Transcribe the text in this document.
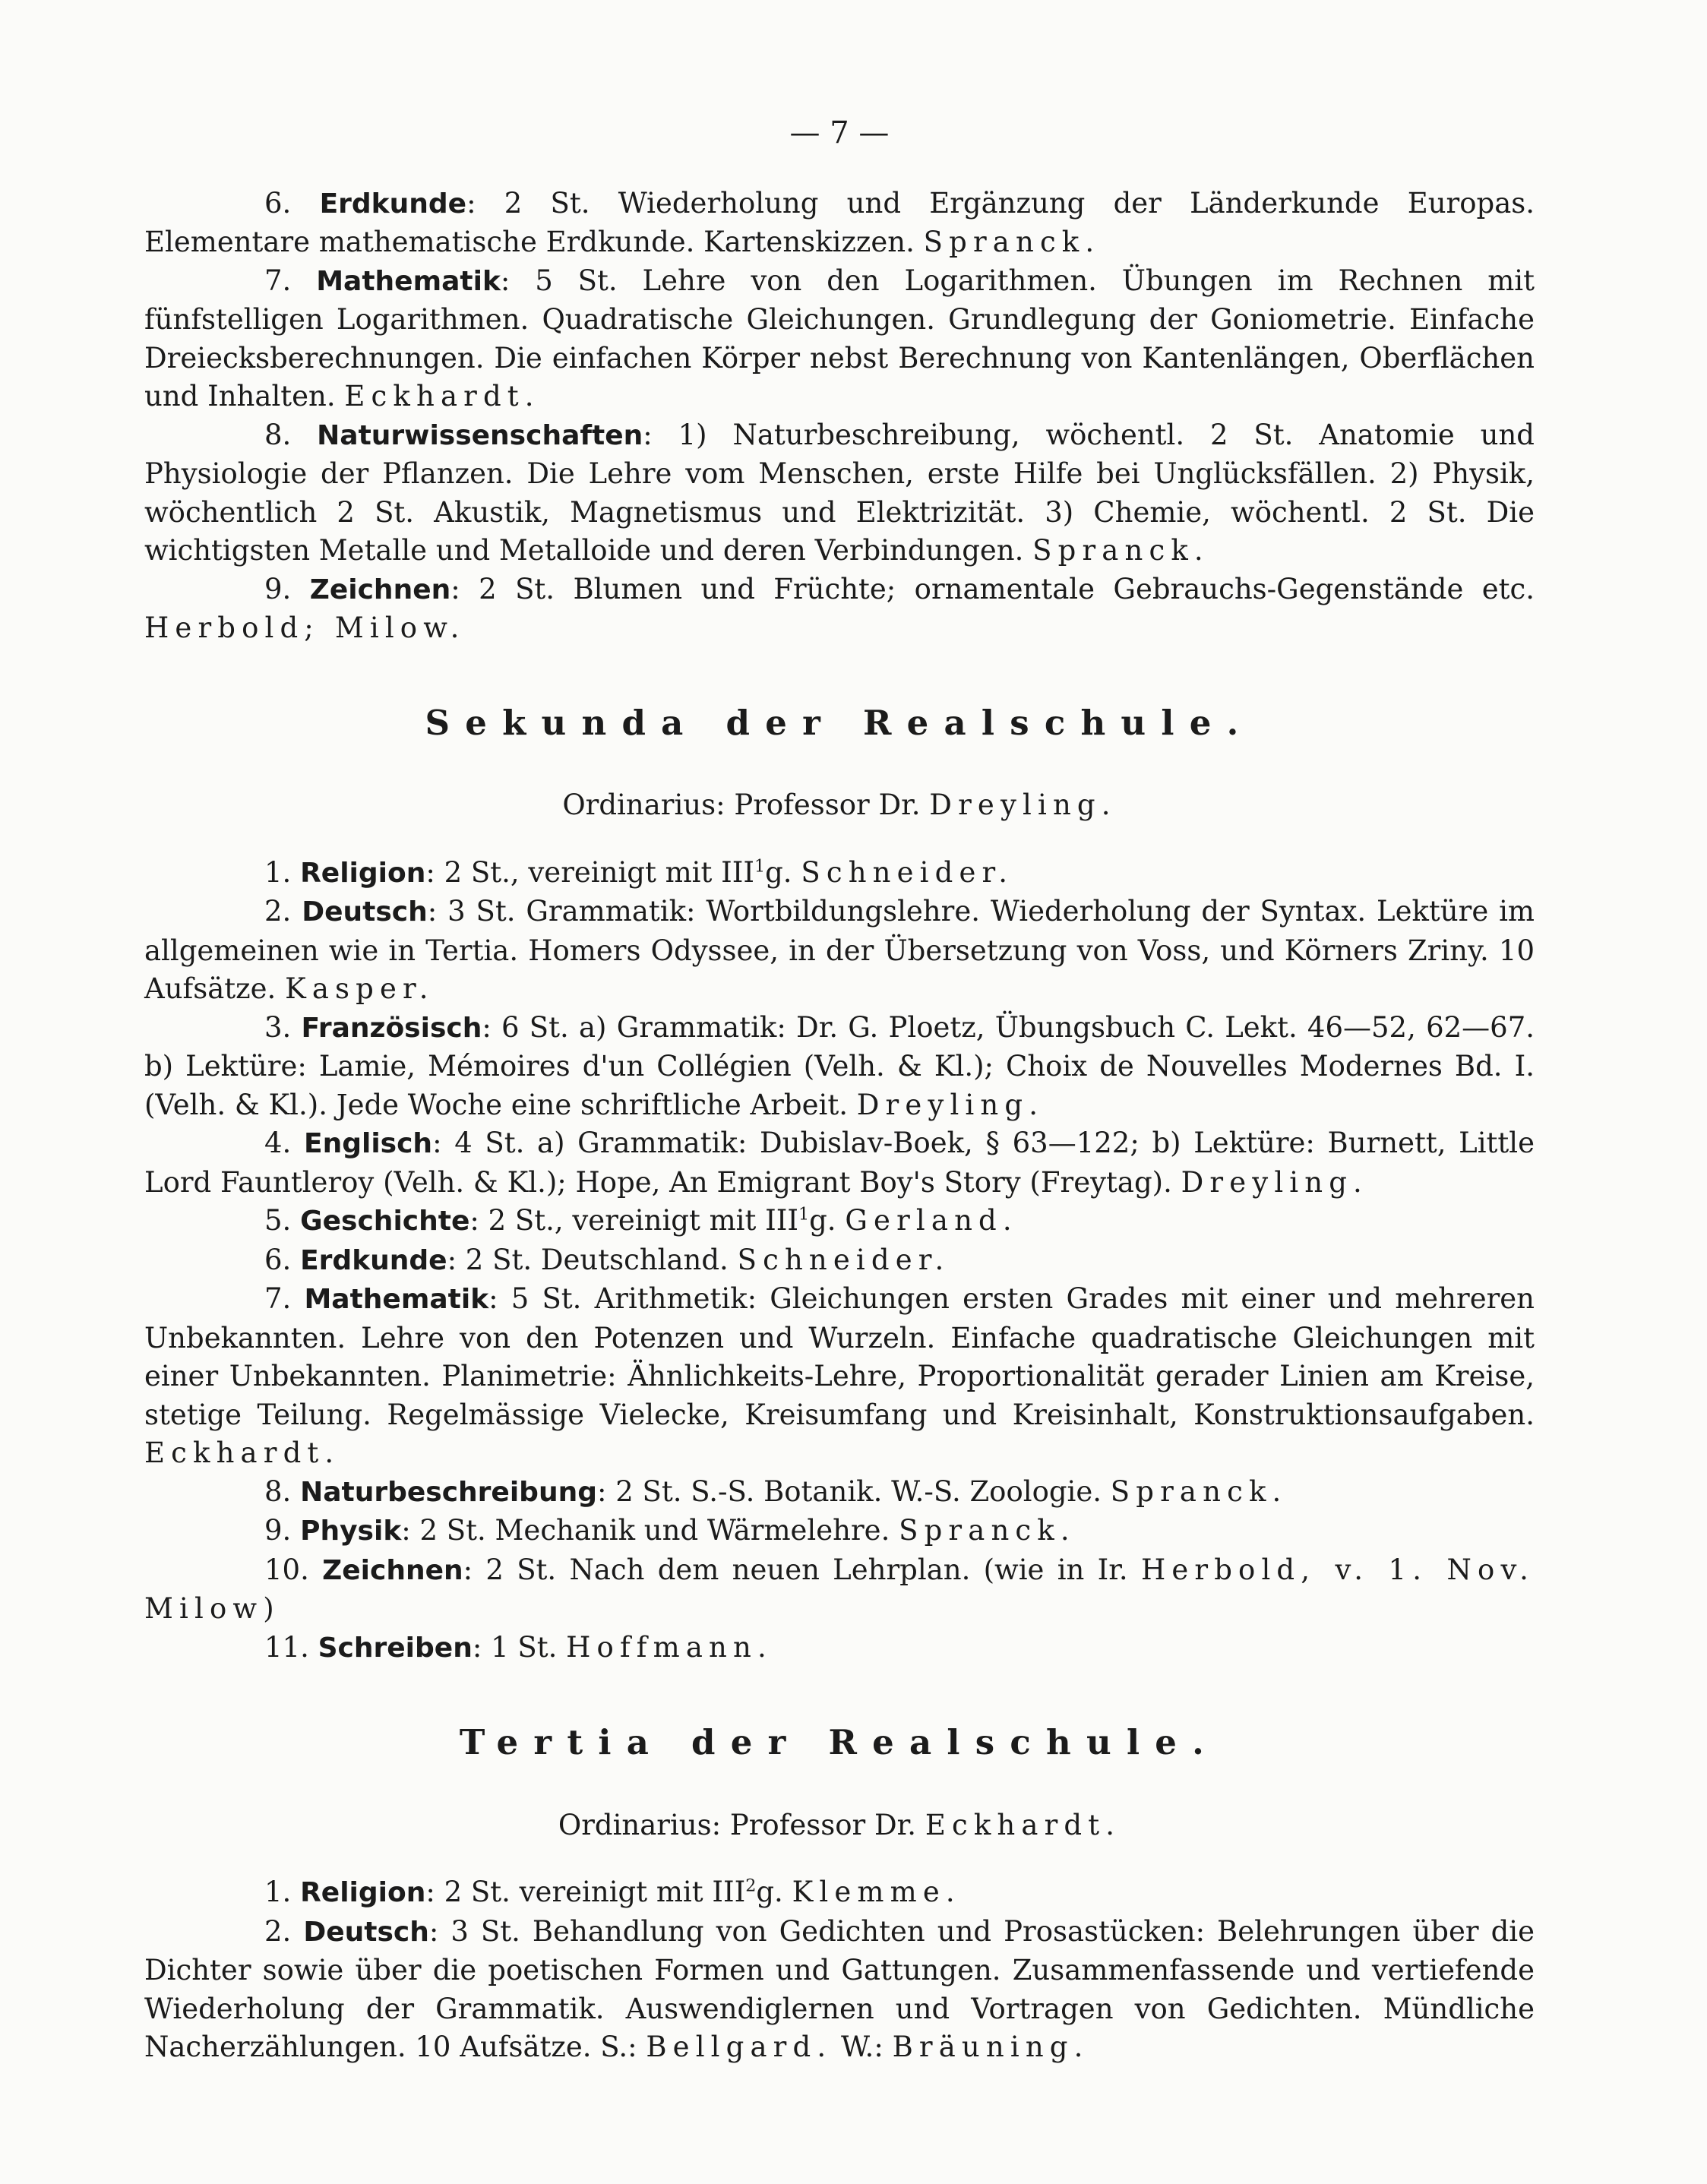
— 7 —

6. Erdkunde: 2 St. Wiederholung und Ergänzung der Länderkunde Europas. Elementare mathematische Erdkunde. Kartenskizzen. Spranck.

7. Mathematik: 5 St. Lehre von den Logarithmen. Übungen im Rechnen mit fünfstelligen Logarithmen. Quadratische Gleichungen. Grundlegung der Goniometrie. Einfache Dreiecksberechnungen. Die einfachen Körper nebst Berechnung von Kantenlängen, Oberflächen und Inhalten. Eckhardt.

8. Naturwissenschaften: 1) Naturbeschreibung, wöchentl. 2 St. Anatomie und Physiologie der Pflanzen. Die Lehre vom Menschen, erste Hilfe bei Unglücksfällen. 2) Physik, wöchentlich 2 St. Akustik, Magnetismus und Elektrizität. 3) Chemie, wöchentl. 2 St. Die wichtigsten Metalle und Metalloide und deren Verbindungen. Spranck.

9. Zeichnen: 2 St. Blumen und Früchte; ornamentale Gebrauchs-Gegenstände etc. Herbold; Milow.

Sekunda der Realschule.

Ordinarius: Professor Dr. Dreyling.

1. Religion: 2 St., vereinigt mit III$^1$g. Schneider.

2. Deutsch: 3 St. Grammatik: Wortbildungslehre. Wiederholung der Syntax. Lektüre im allgemeinen wie in Tertia. Homers Odyssee, in der Übersetzung von Voss, und Körners Zriny. 10 Aufsätze. Kasper.

3. Französisch: 6 St. a) Grammatik: Dr. G. Ploetz, Übungsbuch C. Lekt. 46—52, 62—67. b) Lektüre: Lamie, Mémoires d'un Collégien (Velh. & Kl.); Choix de Nouvelles Modernes Bd. I. (Velh. & Kl.). Jede Woche eine schriftliche Arbeit. Dreyling.

4. Englisch: 4 St. a) Grammatik: Dubislav-Boek, § 63—122; b) Lektüre: Burnett, Little Lord Fauntleroy (Velh. & Kl.); Hope, An Emigrant Boy's Story (Freytag). Dreyling.

5. Geschichte: 2 St., vereinigt mit III$^1$g. Gerland.

6. Erdkunde: 2 St. Deutschland. Schneider.

7. Mathematik: 5 St. Arithmetik: Gleichungen ersten Grades mit einer und mehreren Unbekannten. Lehre von den Potenzen und Wurzeln. Einfache quadratische Gleichungen mit einer Unbekannten. Planimetrie: Ähnlichkeits-Lehre, Proportionalität gerader Linien am Kreise, stetige Teilung. Regelmässige Vielecke, Kreisumfang und Kreisinhalt, Konstruktionsaufgaben. Eckhardt.

8. Naturbeschreibung: 2 St. S.-S. Botanik. W.-S. Zoologie. Spranck.

9. Physik: 2 St. Mechanik und Wärmelehre. Spranck.

10. Zeichnen: 2 St. Nach dem neuen Lehrplan. (wie in Ir. Herbold, v. 1. Nov. Milow)

11. Schreiben: 1 St. Hoffmann.

Tertia der Realschule.

Ordinarius: Professor Dr. Eckhardt.

1. Religion: 2 St. vereinigt mit III$^2$g. Klemme.

2. Deutsch: 3 St. Behandlung von Gedichten und Prosastücken: Belehrungen über die Dichter sowie über die poetischen Formen und Gattungen. Zusammenfassende und vertiefende Wiederholung der Grammatik. Auswendiglernen und Vortragen von Gedichten. Mündliche Nacherzählungen. 10 Aufsätze. S.: Bellgard. W.: Bräuning.
